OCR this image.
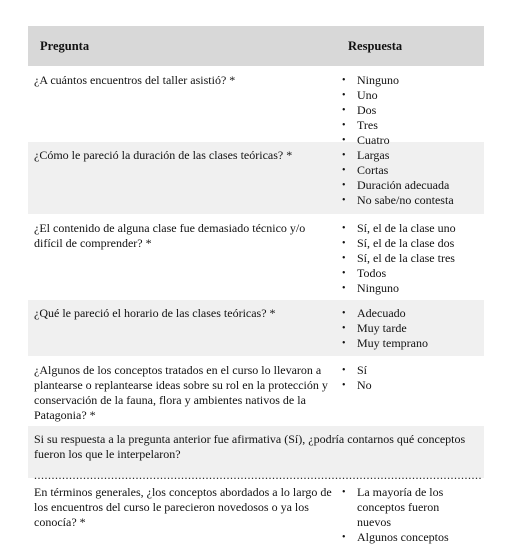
Pregunta	Respuesta
¿A cuántos encuentros del taller asistió? *	• Ninguno
• Uno
• Dos
• Tres
• Cuatro
¿Cómo le pareció la duración de las clases teóricas? *	• Largas
• Cortas
• Duración adecuada
• No sabe/no contesta
¿El contenido de alguna clase fue demasiado técnico y/o difícil de comprender? *
• Sí, el de la clase uno
• Sí, el de la clase dos
• Sí, el de la clase tres
• Todos
• Ninguno
¿Qué le pareció el horario de las clases teóricas? *	• Adecuado
• Muy tarde
• Muy temprano
¿Algunos de los conceptos tratados en el curso lo llevaron a plantearse o replantearse ideas sobre su rol en la protección y conservación de la fauna, flora y ambientes nativos de la Patagonia? *
• Sí
• No
Si su respuesta a la pregunta anterior fue afirmativa (Sí), ¿podría contarnos qué conceptos fueron los que le interpelaron?
................................................................................................................................
En términos generales, ¿los conceptos abordados a lo largo de los encuentros del curso le parecieron novedosos o ya los conocía? *
• La mayoría de los conceptos fueron nuevos
• Algunos conceptos
